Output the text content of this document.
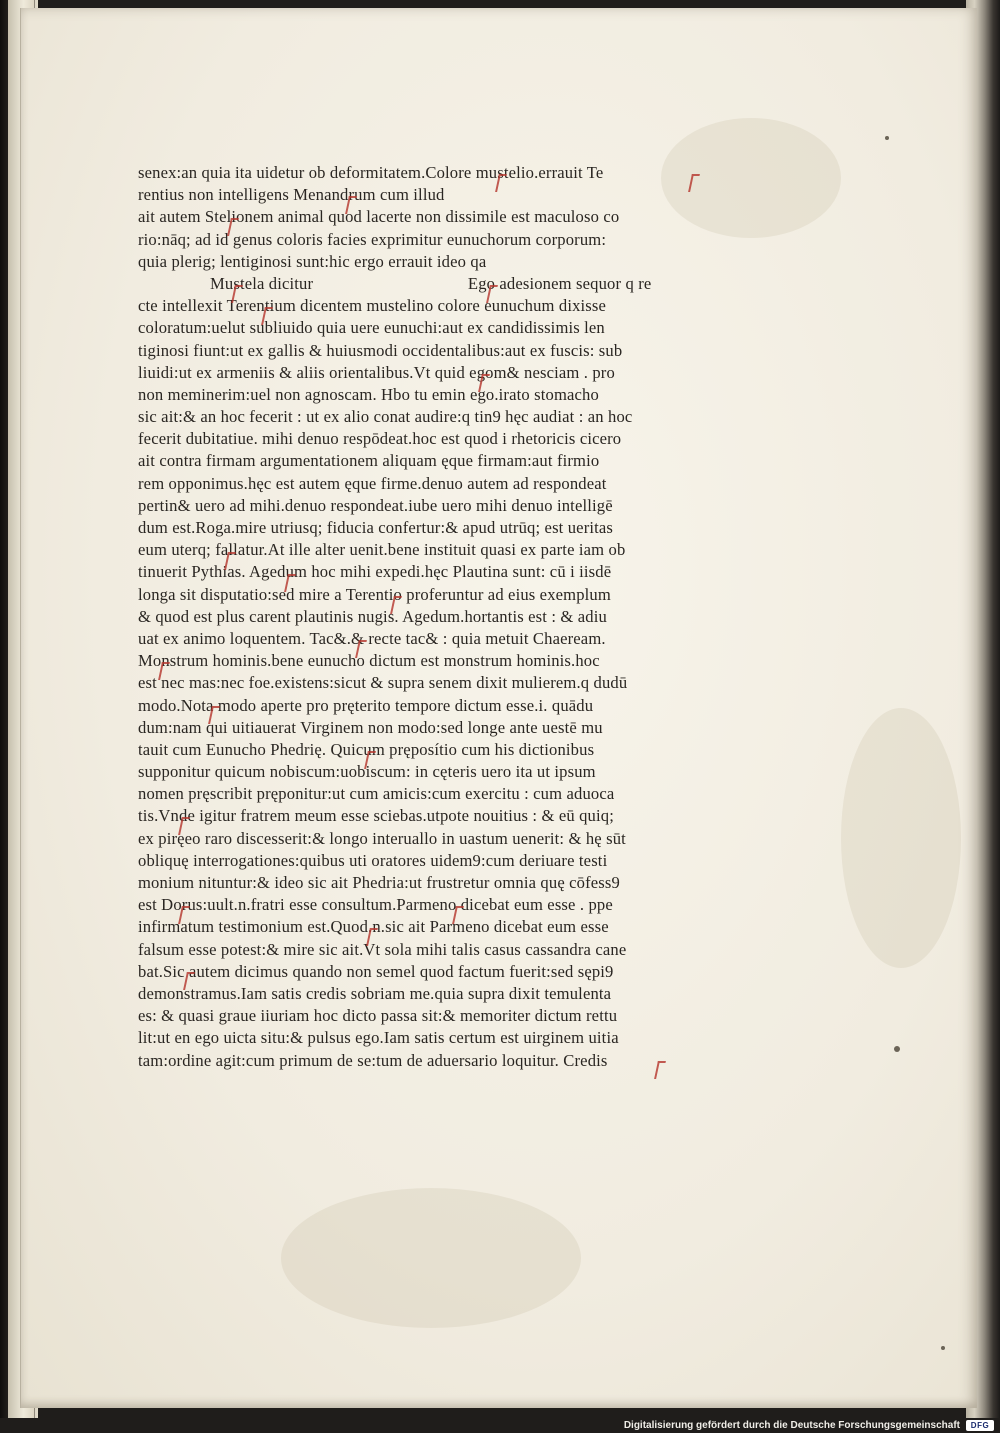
senex:an quia ita uidetur ob deformitatem.Colore mustelio.errauit Te
rentius non intelligens Menandrum cum illud
ait autem Stelionem animal quod lacerte non dissimile est maculoso co
rio:nāq; ad id genus coloris facies exprimitur eunuchorum corporum:
quia plerig; lentiginosi sunt:hic ergo errauit ideo qa
Mustela dicitur                                    Ego adesionem sequor q re
cte intellexit Terentium dicentem mustelino colore eunuchum dixisse
coloratum:uelut subliuido quia uere eunuchi:aut ex candidissimis len
tiginosi fiunt:ut ex gallis & huiusmodi occidentalibus:aut ex fuscis: sub
liuidi:ut ex armeniis & aliis orientalibus.Vt quid egom& nesciam . pro
non meminerim:uel non agnoscam. Hbo tu emin ego.irato stomacho
sic ait:& an hoc fecerit : ut ex alio conat audire:q tin9 hęc audiat : an hoc
fecerit dubitatiue. mihi denuo respōdeat.hoc est quod i rhetoricis cicero
ait contra firmam argumentationem aliquam ęque firmam:aut firmio
rem opponimus.hęc est autem ęque firme.denuo autem ad respondeat
pertin& uero ad mihi.denuo respondeat.iube uero mihi denuo intelligē
dum est.Roga.mire utriusq; fiducia confertur:& apud utrūq; est ueritas
eum uterq; fallatur.At ille alter uenit.bene instituit quasi ex parte iam ob
tinuerit Pythias. Agedum hoc mihi expedi.hęc Plautina sunt: cū i iisdē
longa sit disputatio:sed mire a Terentio proferuntur ad eius exemplum
& quod est plus carent plautinis nugis. Agedum.hortantis est : & adiu
uat ex animo loquentem. Tac&.& recte tac& : quia metuit Chaeream.
Monstrum hominis.bene eunucho dictum est monstrum hominis.hoc
est nec mas:nec foe.existens:sicut & supra senem dixit mulierem.q dudū
modo.Nota modo aperte pro pręterito tempore dictum esse.i. quādu
dum:nam qui uitiauerat Virginem non modo:sed longe ante uestē mu
tauit cum Eunucho Phedrię. Quicum pręposítio cum his dictionibus
supponitur quicum nobiscum:uobiscum: in cęteris uero ita ut ipsum
nomen pręscribit pręponitur:ut cum amicis:cum exercitu : cum aduoca
tis.Vnde igitur fratrem meum esse sciebas.utpote nouitius : & eū quiq;
ex piręeo raro discesserit:& longo interuallo in uastum uenerit: & hę sūt
obliquę interrogationes:quibus uti oratores uidem9:cum deriuare testi
monium nituntur:& ideo sic ait Phedria:ut frustretur omnia quę cōfess9
est Dorus:uult.n.fratri esse consultum.Parmeno dicebat eum esse . ppe
infirmatum testimonium est.Quod.n.sic ait Parmeno dicebat eum esse
falsum esse potest:& mire sic ait.Vt sola mihi talis casus cassandra cane
bat.Sic autem dicimus quando non semel quod factum fuerit:sed sępi9
demonstramus.Iam satis credis sobriam me.quia supra dixit temulenta
es: & quasi graue iiuriam hoc dicto passa sit:& memoriter dictum rettu
lit:ut en ego uicta situ:& pulsus ego.Iam satis certum est uirginem uitia
tam:ordine agit:cum primum de se:tum de aduersario loquitur. Credis
Digitalisierung gefördert durch die Deutsche Forschungsgemeinschaft	DFG
